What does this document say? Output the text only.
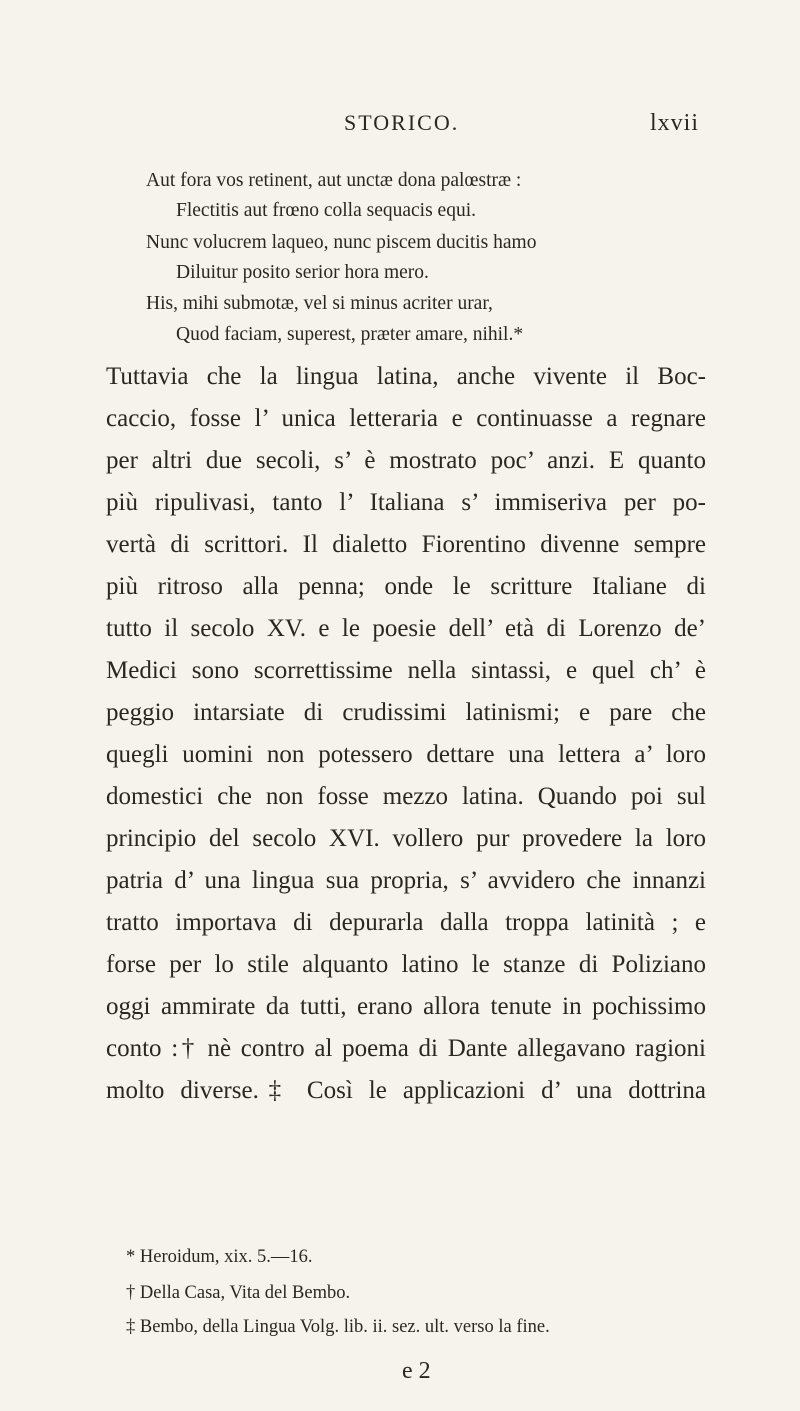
STORICO.	lxvii
Aut fora vos retinent, aut unctæ dona palœstræ :
Flectitis aut frœno colla sequacis equi.
Nunc volucrem laqueo, nunc piscem ducitis hamo
Diluitur posito serior hora mero.
His, mihi submotæ, vel si minus acriter urar,
Quod faciam, superest, præter amare, nihil.*
Tuttavia che la lingua latina, anche vivente il Boc-
caccio, fosse l’ unica letteraria e continuasse a regnare
per altri due secoli, s’ è mostrato poc’ anzi. E quanto
più ripulivasi, tanto l’ Italiana s’ immiseriva per po-
vertà di scrittori. Il dialetto Fiorentino divenne sempre
più ritroso alla penna; onde le scritture Italiane di
tutto il secolo XV. e le poesie dell’ età di Lorenzo de’
Medici sono scorrettissime nella sintassi, e quel ch’ è
peggio intarsiate di crudissimi latinismi; e pare che
quegli uomini non potessero dettare una lettera a’ loro
domestici che non fosse mezzo latina. Quando poi sul
principio del secolo XVI. vollero pur provedere la loro
patria d’ una lingua sua propria, s’ avvidero che innanzi
tratto importava di depurarla dalla troppa latinità ; e
forse per lo stile alquanto latino le stanze di Poliziano
oggi ammirate da tutti, erano allora tenute in pochissimo
conto :† nè contro al poema di Dante allegavano ragioni
molto diverse.‡ Così le applicazioni d’ una dottrina
* Heroidum, xix. 5.—16.
† Della Casa, Vita del Bembo.
‡ Bembo, della Lingua Volg. lib. ii. sez. ult. verso la fine.
e 2
